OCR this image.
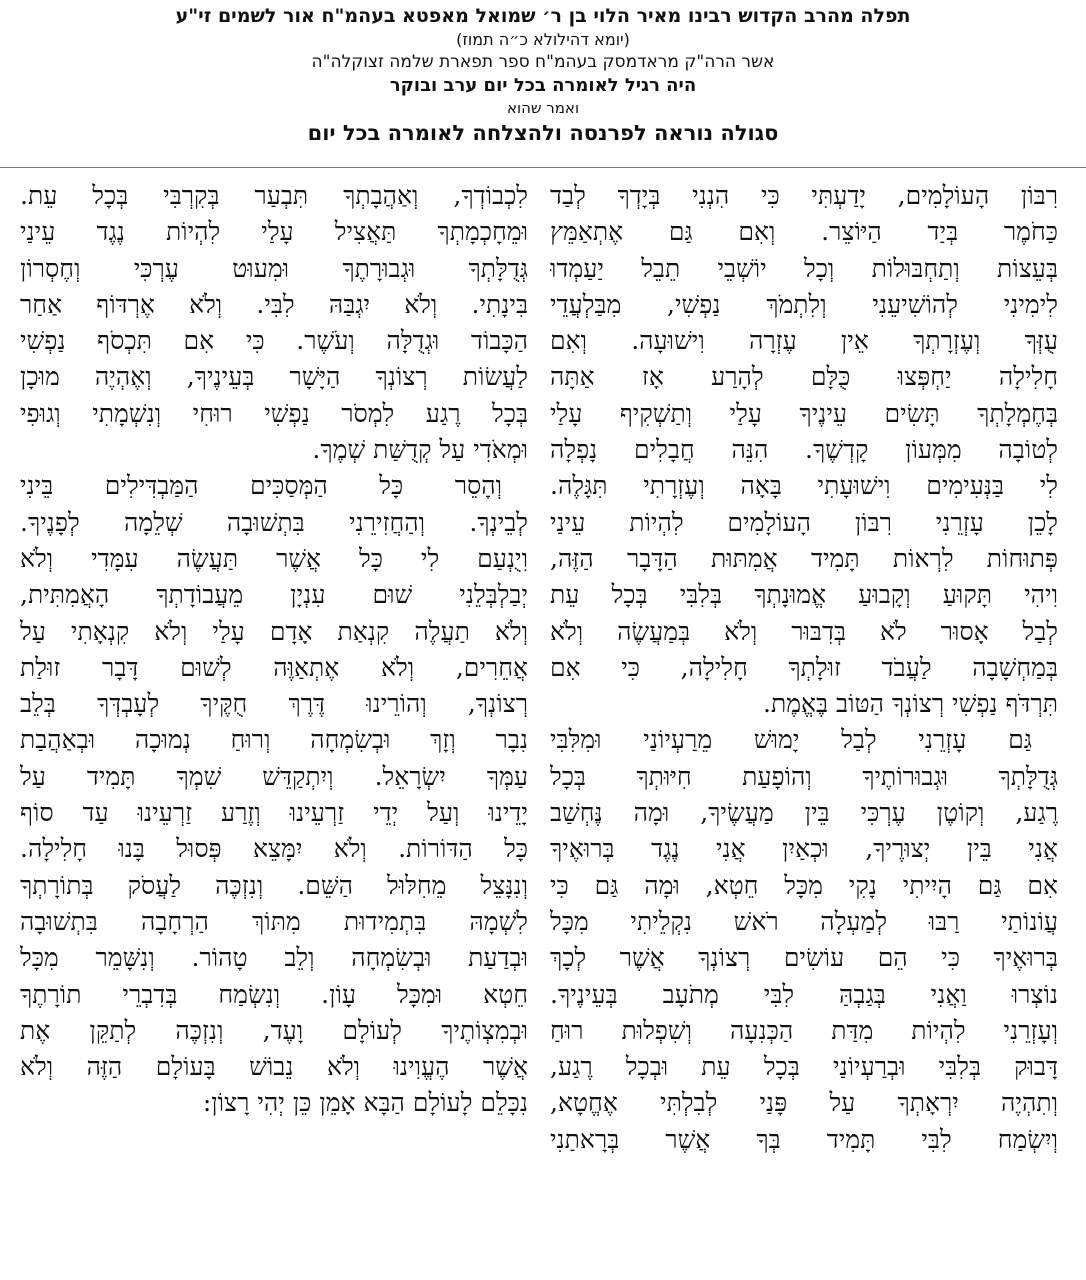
תפלה מהרב הקדוש רבינו מאיר הלוי בן ר׳ שמואל מאפטא בעהמ"ח אור לשמים זי"ע
(יומא דהילולא כ״ה תמוז)
אשר הרה"ק מראדמסק בעהמ"ח ספר תפארת שלמה זצוקלה"ה
היה רגיל לאומרה בכל יום ערב ובוקר
ואמר שהוא
סגולה נוראה לפרנסה ולהצלחה לאומרה בכל יום
רִבּוֹן הָעוֹלָמִים, יָדַעְתִּי כִּי הִנְנִי בְּיָדְךָ לְבַד
כַּחֹמֶר בְּיַד הַיּוֹצֵר. וְאִם גַּם אֶתְאַמֵּץ
בְּעֵצוֹת וְתַחְבּוּלוֹת וְכָל יוֹשְׁבֵי תֵבֵל יַעַמְדוּ
לִימִינִי לְהוֹשִׁיעֵנִי וְלִתְמֹךְ נַפְשִׁי, מִבַּלְעֲדֵי
עֻזְּךָ וְעֶזְרָתְךָ אֵין עֶזְרָה וִישׁוּעָה. וְאִם
חָלִילָה יַחְפְּצוּ כֻּלָּם לְהָרַע אָז אַתָּה
בְּחֶמְלָתְךָ תָּשִׂים עֵינֶיךָ עָלַי וְתַשְׁקִיף עָלַי
לְטוֹבָה מִמְּעוֹן קָדְשֶׁךָ. הִנֵּה חֲבָלִים נָפְלָה
לִי בַּנְּעִימִים וִישׁוּעָתִי בָּאָה וְעֶזְרָתִי תִּגָּלֶה.
לָכֵן עָזְרֵנִי רִבּוֹן הָעוֹלָמִים לִהְיוֹת עֵינַי
פְּתוּחוֹת לִרְאוֹת תָּמִיד אֲמִתּוּת הַדָּבָר הַזֶּה,
וִיהִי תָּקוּעַ וְקָבוּעַ אֱמוּנָתְךָ בְּלִבִּי בְּכָל עֵת
לְבַל אָסוּר לֹא בְּדִבּוּר וְלֹא בְּמַעֲשֶׂה וְלֹא
בְּמַחְשָׁבָה לַעֲבֹד זוּלָתְךָ חָלִילָה, כִּי אִם
תִּרְדֹּף נַפְשִׁי רְצוֹנְךָ הַטּוֹב בֶּאֱמֶת.
גַּם עָזְרֵנִי לְבַל יָמוּשׁ מֵרַעְיוֹנַי וּמִלִּבִּי
גְּדֻלָּתְךָ וּגְבוּרוֹתֶיךָ וְהוֹפָעַת חִיּוּתְךָ בְּכָל
רֶגַע, וְקוֹטֶן עֶרְכִּי בֵּין מַעֲשֶׂיךָ, וּמָה נֶּחְשַׁב
אֲנִי בֵּין יְצוּרֶיךָ, וּכְאַיִן אֲנִי נֶגֶד בְּרוּאֶיךָ
אִם גַּם הָיִיתִי נָקִי מִכָּל חֵטְא, וּמָה גַּם כִּי
עֲוֹנוֹתַי רַבּוּ לְמַעְלָה רֹאשׁ נִקְלֵיתִי מִכָּל
בְּרוּאֶיךָ כִּי הֵם עוֹשִׂים רְצוֹנְךָ אֲשֶׁר לְכָךְ
נוֹצְרוּ וַאֲנִי בְּגַבְהַּ לִבִּי מְתֹעָב בְּעֵינֶיךָ.
וְעָזְרֵנִי לִהְיוֹת מִדַּת הַכְּנִעָה וְשִׁפְלוּת רוּחַ
דָּבוּק בְּלִבִּי וּבְרַעְיוֹנַי בְּכָל עֵת וּבְכָל רֶגַע,
וְתִהְיֶה יִרְאָתְךָ עַל פָּנַי לְבִלְתִּי אֶחֱטָא,
וְיִשְׂמַח לִבִּי תָּמִיד בְּךָ אֲשֶׁר בְּרָאתַנִי
לִכְבוֹדְךָ, וְאַהֲבָתְךָ תִּבְעַר בְּקִרְבִּי בְּכָל עֵת.
וּמֵחָכְמָתְךָ תַּאֲצִיל עָלַי לִהְיוֹת נֶגֶד עֵינַי
גְּדֻלָּתְךָ וּגְבוּרָתֶךָ וּמִעוּט עֶרְכִּי וְחֶסְרוֹן
בִּינָתִי. וְלֹא יִגְבַּהּ לִבִּי. וְלֹא אֶרְדּוֹף אַחַר
הַכָּבוֹד וּגְדֻלָּה וְעֹשֶׁר. כִּי אִם תִּכְסֹף נַפְשִׁי
לַעֲשׂוֹת רְצוֹנְךָ הַיָּשָׁר בְּעֵינֶיךָ, וְאֶהְיֶה מוּכָן
בְּכָל רֶגַע לִמְסֹר נַפְשִׁי רוּחִי וְנִשְׁמָתִי וְגוּפִי
וּמְאֹדִי עַל קְדֻשַּׁת שְׁמֶךָ.
וְהָסֵר כָּל הַמְּסַכִּים הַמַּבְדִּילִים בֵּינִי
לְבֵינְךָ. וְהַחֲזִירֵנִי בִּתְשׁוּבָה שְׁלֵמָה לְפָנֶיךָ.
וִיֻנְעַם לִי כָּל אֲשֶׁר תַּעֲשֶׂה עִמָּדִי וְלֹא
יְבַלְבְּלֵנִי שׁוּם עִנְיָן מֵעֲבוֹדָתְךָ הָאֲמִתִּית,
וְלֹא תַעֲלֶה קִנְאַת אָדָם עָלַי וְלֹא קִנְאָתִי עַל
אֲחֵרִים, וְלֹא אֶתְאַוֶּה לְשׁוּם דָּבָר זוּלַת
רְצוֹנְךָ, וְהוֹרֵינוּ דֶּרֶךְ חֻקֶּיךָ לְעָבְדְּךָ בְּלֵב
נִבָר וְזָךְ וּבְשִׂמְחָה וְרוּחַ נְמוּכָה וּבְאַהֲבַת
עַמְּךָ יִשְׂרָאֵל. וְיִתְקַדֵּשׁ שִׁמְךָ תָּמִיד עַל
יָדֵינוּ וְעַל יְדֵי זַרְעֵינוּ וְזֶרַע זַרְעֵינוּ עַד סוֹף
כָּל הַדּוֹרוֹת. וְלֹא יִמָּצֵא פְּסוּל בָּנוּ חָלִילָה.
וְנִנָּצֵל מֵחִלּוּל הַשֵּׁם. וְנִזְכֶּה לַעֲסֹק בְּתוֹרָתְךָ
לִשְׁמָהּ בִּתְמִידוּת מִתּוֹךְ הַרְחָבָה בִּתְשׁוּבָה
וּבְדַעַת וּבְשִׂמְחָה וְלֵב טָהוֹר. וְנִשָּׁמֵר מִכָּל
חֵטְא וּמִכָּל עָוֹן. וְנִשְׂמַח בְּדִבְרֵי תוֹרָתֶךָ
וּבְמִצְוֹתֶיךָ לְעוֹלָם וָעֶד, וְנִזְכֶּה לְתַקֵּן אֶת
אֲשֶׁר הֶעֱוִינוּ וְלֹא נֵבוֹשׁ בָּעוֹלָם הַזֶּה וְלֹא
נִכָּלֵם לָעוֹלָם הַבָּא אָמֵן כֵּן יְהִי רָצוֹן:
